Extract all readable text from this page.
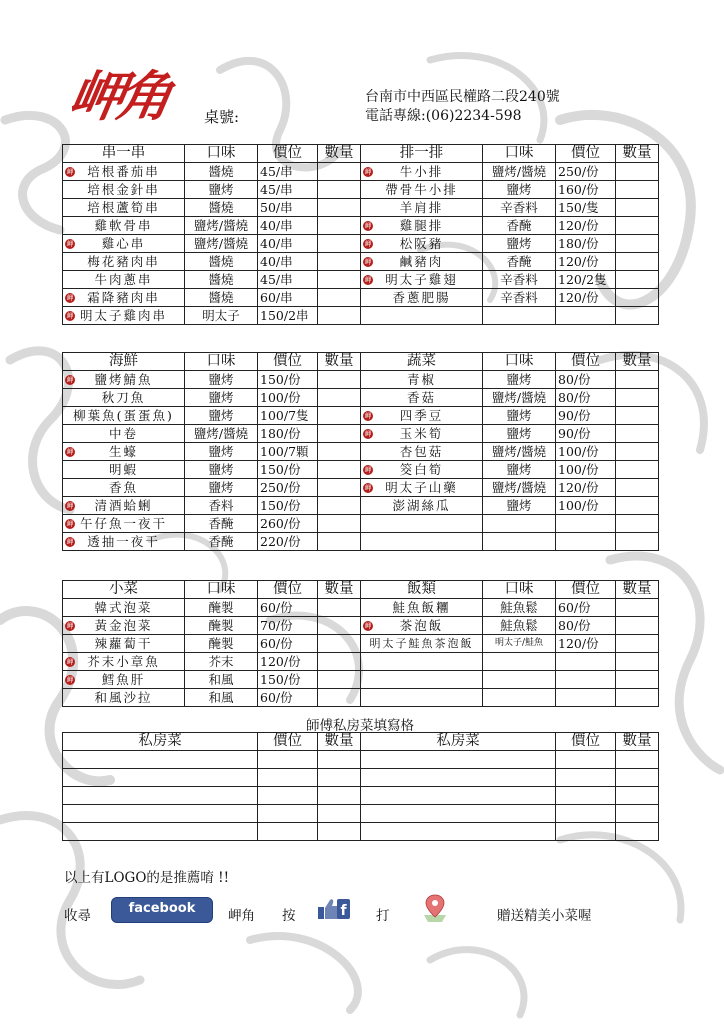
岬角 桌號:
台南市中西區民權路二段240號
電話專線:(06)2234-598
串一串	口味	價位	數量	排一排	口味	價位	數量

岬 培根番茄串	醬燒	45/串		岬 牛小排	鹽烤/醬燒	250/份	
培根金針串	鹽烤	45/串		帶骨牛小排	鹽烤	160/份	
培根蘆筍串	醬燒	50/串		羊肩排	辛香料	150/隻	
雞軟骨串	鹽烤/醬燒	40/串		岬 雞腿排	香醃	120/份	

岬 雞心串	鹽烤/醬燒	40/串		岬 松阪豬	鹽烤	180/份	
梅花豬肉串	醬燒	40/串		岬 鹹豬肉	香醃	120/份	
牛肉蔥串	醬燒	45/串		岬 明太子雞翅	辛香料	120/2隻	

岬 霜降豬肉串	醬燒	60/串		香蔥肥腸	辛香料	120/份	

岬 明太子雞肉串	明太子	150/2串					
海鮮	口味	價位	數量	蔬菜	口味	價位	數量

岬 鹽烤鯖魚	鹽烤	150/份		青椒	鹽烤	80/份	
秋刀魚	鹽烤	100/份		香菇	鹽烤/醬燒	80/份	
柳葉魚(蛋蛋魚)	鹽烤	100/7隻		岬 四季豆	鹽烤	90/份	
中卷	鹽烤/醬燒	180/份		岬 玉米筍	鹽烤	90/份	

岬 生蠔	鹽烤	100/7顆		杏包菇	鹽烤/醬燒	100/份	
明蝦	鹽烤	150/份		岬 筊白筍	鹽烤	100/份	
香魚	鹽烤	250/份		岬 明太子山藥	鹽烤/醬燒	120/份	

岬 清酒蛤蜊	香料	150/份		澎湖絲瓜	鹽烤	100/份	

岬 午仔魚一夜干	香醃	260/份					

岬 透抽一夜干	香醃	220/份					
小菜	口味	價位	數量	飯類	口味	價位	數量
韓式泡菜	醃製	60/份		鮭魚飯糰	鮭魚鬆	60/份	

岬 黃金泡菜	醃製	70/份		岬 茶泡飯	鮭魚鬆	80/份	
辣蘿蔔干	醃製	60/份		明太子鮭魚茶泡飯	明太子/鮭魚	120/份	

岬 芥末小章魚	芥末	120/份					

岬 鱈魚肝	和風	150/份					
和風沙拉	和風	60/份					
師傅私房菜填寫格
私房菜	價位	數量	私房菜	價位	數量

以上有LOGO的是推薦唷 !!
收尋	facebook	岬角 按	f 打	贈送精美小菜喔
